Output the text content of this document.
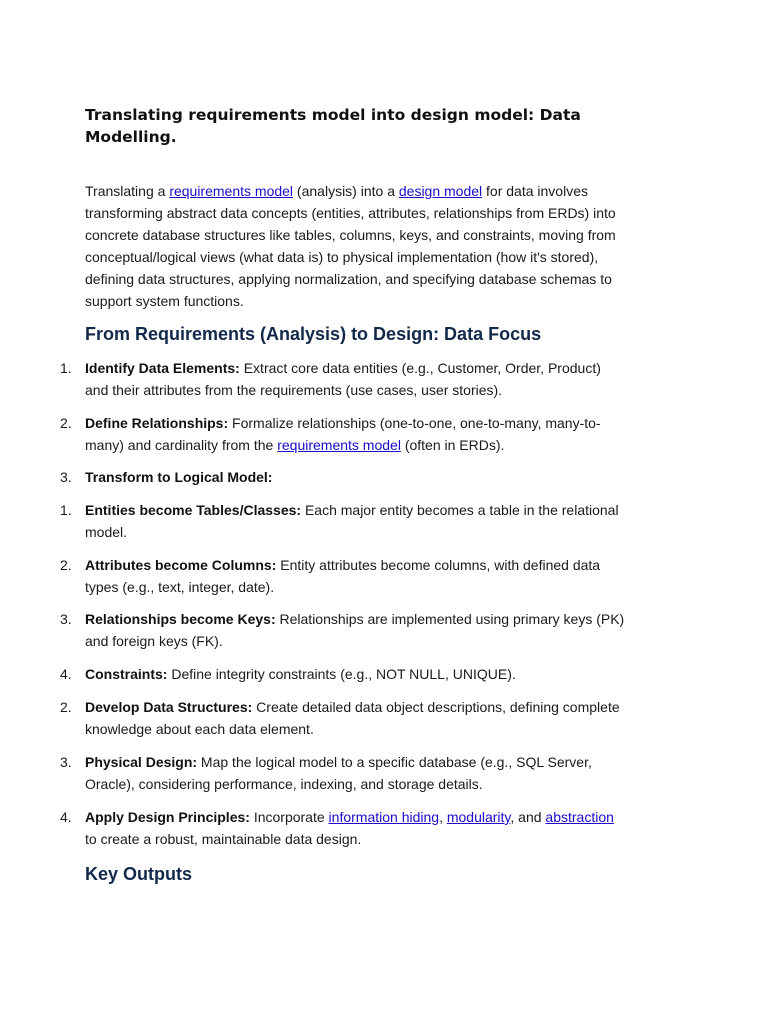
Translating requirements model into design model: Data Modelling.

Translating a requirements model (analysis) into a design model for data involves transforming abstract data concepts (entities, attributes, relationships from ERDs) into concrete database structures like tables, columns, keys, and constraints, moving from conceptual/logical views (what data is) to physical implementation (how it's stored), defining data structures, applying normalization, and specifying database schemas to support system functions.

From Requirements (Analysis) to Design: Data Focus
1. Identify Data Elements: Extract core data entities (e.g., Customer, Order, Product) and their attributes from the requirements (use cases, user stories).
2. Define Relationships: Formalize relationships (one-to-one, one-to-many, many-to-many) and cardinality from the requirements model (often in ERDs).
3. Transform to Logical Model:
1. Entities become Tables/Classes: Each major entity becomes a table in the relational model.
2. Attributes become Columns: Entity attributes become columns, with defined data types (e.g., text, integer, date).
3. Relationships become Keys: Relationships are implemented using primary keys (PK) and foreign keys (FK).
4. Constraints: Define integrity constraints (e.g., NOT NULL, UNIQUE).
2. Develop Data Structures: Create detailed data object descriptions, defining complete knowledge about each data element.
3. Physical Design: Map the logical model to a specific database (e.g., SQL Server, Oracle), considering performance, indexing, and storage details.
4. Apply Design Principles: Incorporate information hiding, modularity, and abstraction to create a robust, maintainable data design.
Key Outputs
